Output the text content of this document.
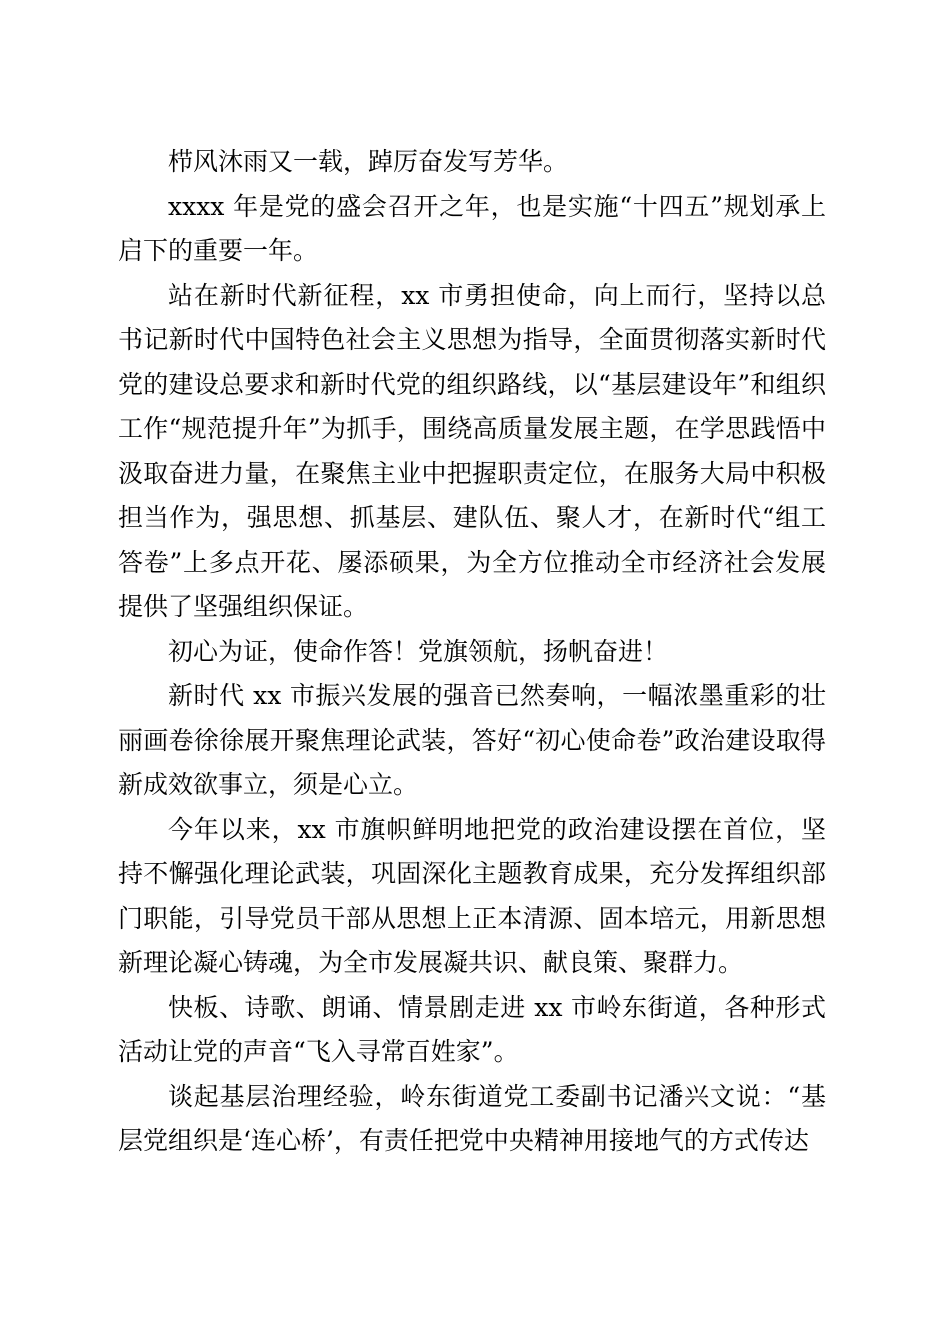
栉风沐雨又一载，踔厉奋发写芳华。

xxxx 年是党的盛会召开之年，也是实施“十四五”规划承上启下的重要一年。

站在新时代新征程，xx 市勇担使命，向上而行，坚持以总书记新时代中国特色社会主义思想为指导，全面贯彻落实新时代党的建设总要求和新时代党的组织路线，以“基层建设年”和组织工作“规范提升年”为抓手，围绕高质量发展主题，在学思践悟中汲取奋进力量，在聚焦主业中把握职责定位，在服务大局中积极担当作为，强思想、抓基层、建队伍、聚人才，在新时代“组工答卷”上多点开花、屡添硕果，为全方位推动全市经济社会发展提供了坚强组织保证。

初心为证，使命作答！党旗领航，扬帆奋进！

新时代 xx 市振兴发展的强音已然奏响，一幅浓墨重彩的壮丽画卷徐徐展开聚焦理论武装，答好“初心使命卷”政治建设取得新成效欲事立，须是心立。

今年以来，xx 市旗帜鲜明地把党的政治建设摆在首位，坚持不懈强化理论武装，巩固深化主题教育成果，充分发挥组织部门职能，引导党员干部从思想上正本清源、固本培元，用新思想新理论凝心铸魂，为全市发展凝共识、献良策、聚群力。

快板、诗歌、朗诵、情景剧走进 xx 市岭东街道，各种形式活动让党的声音“飞入寻常百姓家”。

谈起基层治理经验，岭东街道党工委副书记潘兴文说：“基层党组织是‘连心桥’，有责任把党中央精神用接地气的方式传达
